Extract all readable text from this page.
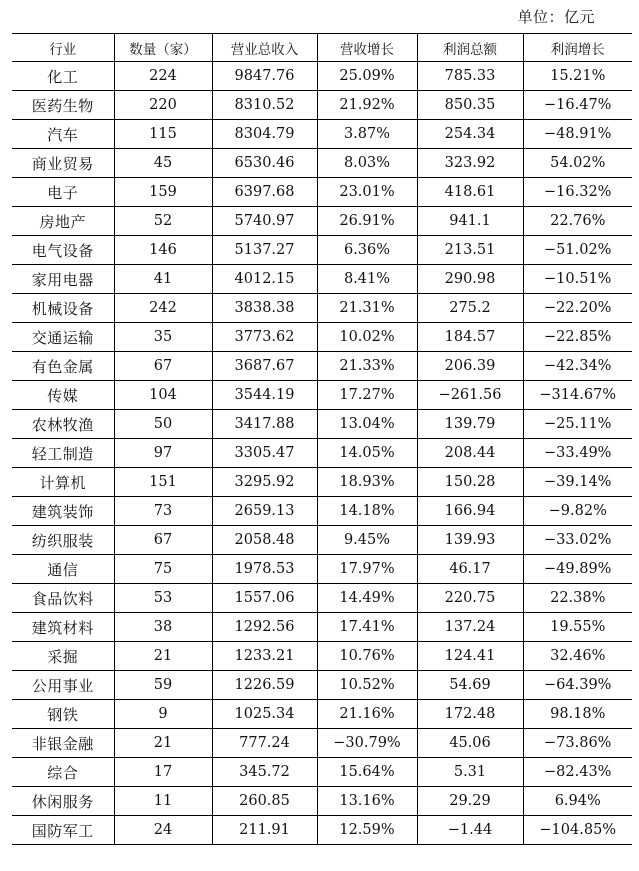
单位：亿元
行业	数量（家）	营业总收入	营收增长	利润总额	利润增长
化工	224	9847.76	25.09%	785.33	15.21%
医药生物	220	8310.52	21.92%	850.35	−16.47%
汽车	115	8304.79	3.87%	254.34	−48.91%
商业贸易	45	6530.46	8.03%	323.92	54.02%
电子	159	6397.68	23.01%	418.61	−16.32%
房地产	52	5740.97	26.91%	941.1	22.76%
电气设备	146	5137.27	6.36%	213.51	−51.02%
家用电器	41	4012.15	8.41%	290.98	−10.51%
机械设备	242	3838.38	21.31%	275.2	−22.20%
交通运输	35	3773.62	10.02%	184.57	−22.85%
有色金属	67	3687.67	21.33%	206.39	−42.34%
传媒	104	3544.19	17.27%	−261.56	−314.67%
农林牧渔	50	3417.88	13.04%	139.79	−25.11%
轻工制造	97	3305.47	14.05%	208.44	−33.49%
计算机	151	3295.92	18.93%	150.28	−39.14%
建筑装饰	73	2659.13	14.18%	166.94	−9.82%
纺织服装	67	2058.48	9.45%	139.93	−33.02%
通信	75	1978.53	17.97%	46.17	−49.89%
食品饮料	53	1557.06	14.49%	220.75	22.38%
建筑材料	38	1292.56	17.41%	137.24	19.55%
采掘	21	1233.21	10.76%	124.41	32.46%
公用事业	59	1226.59	10.52%	54.69	−64.39%
钢铁	9	1025.34	21.16%	172.48	98.18%
非银金融	21	777.24	−30.79%	45.06	−73.86%
综合	17	345.72	15.64%	5.31	−82.43%
休闲服务	11	260.85	13.16%	29.29	6.94%
国防军工	24	211.91	12.59%	−1.44	−104.85%
